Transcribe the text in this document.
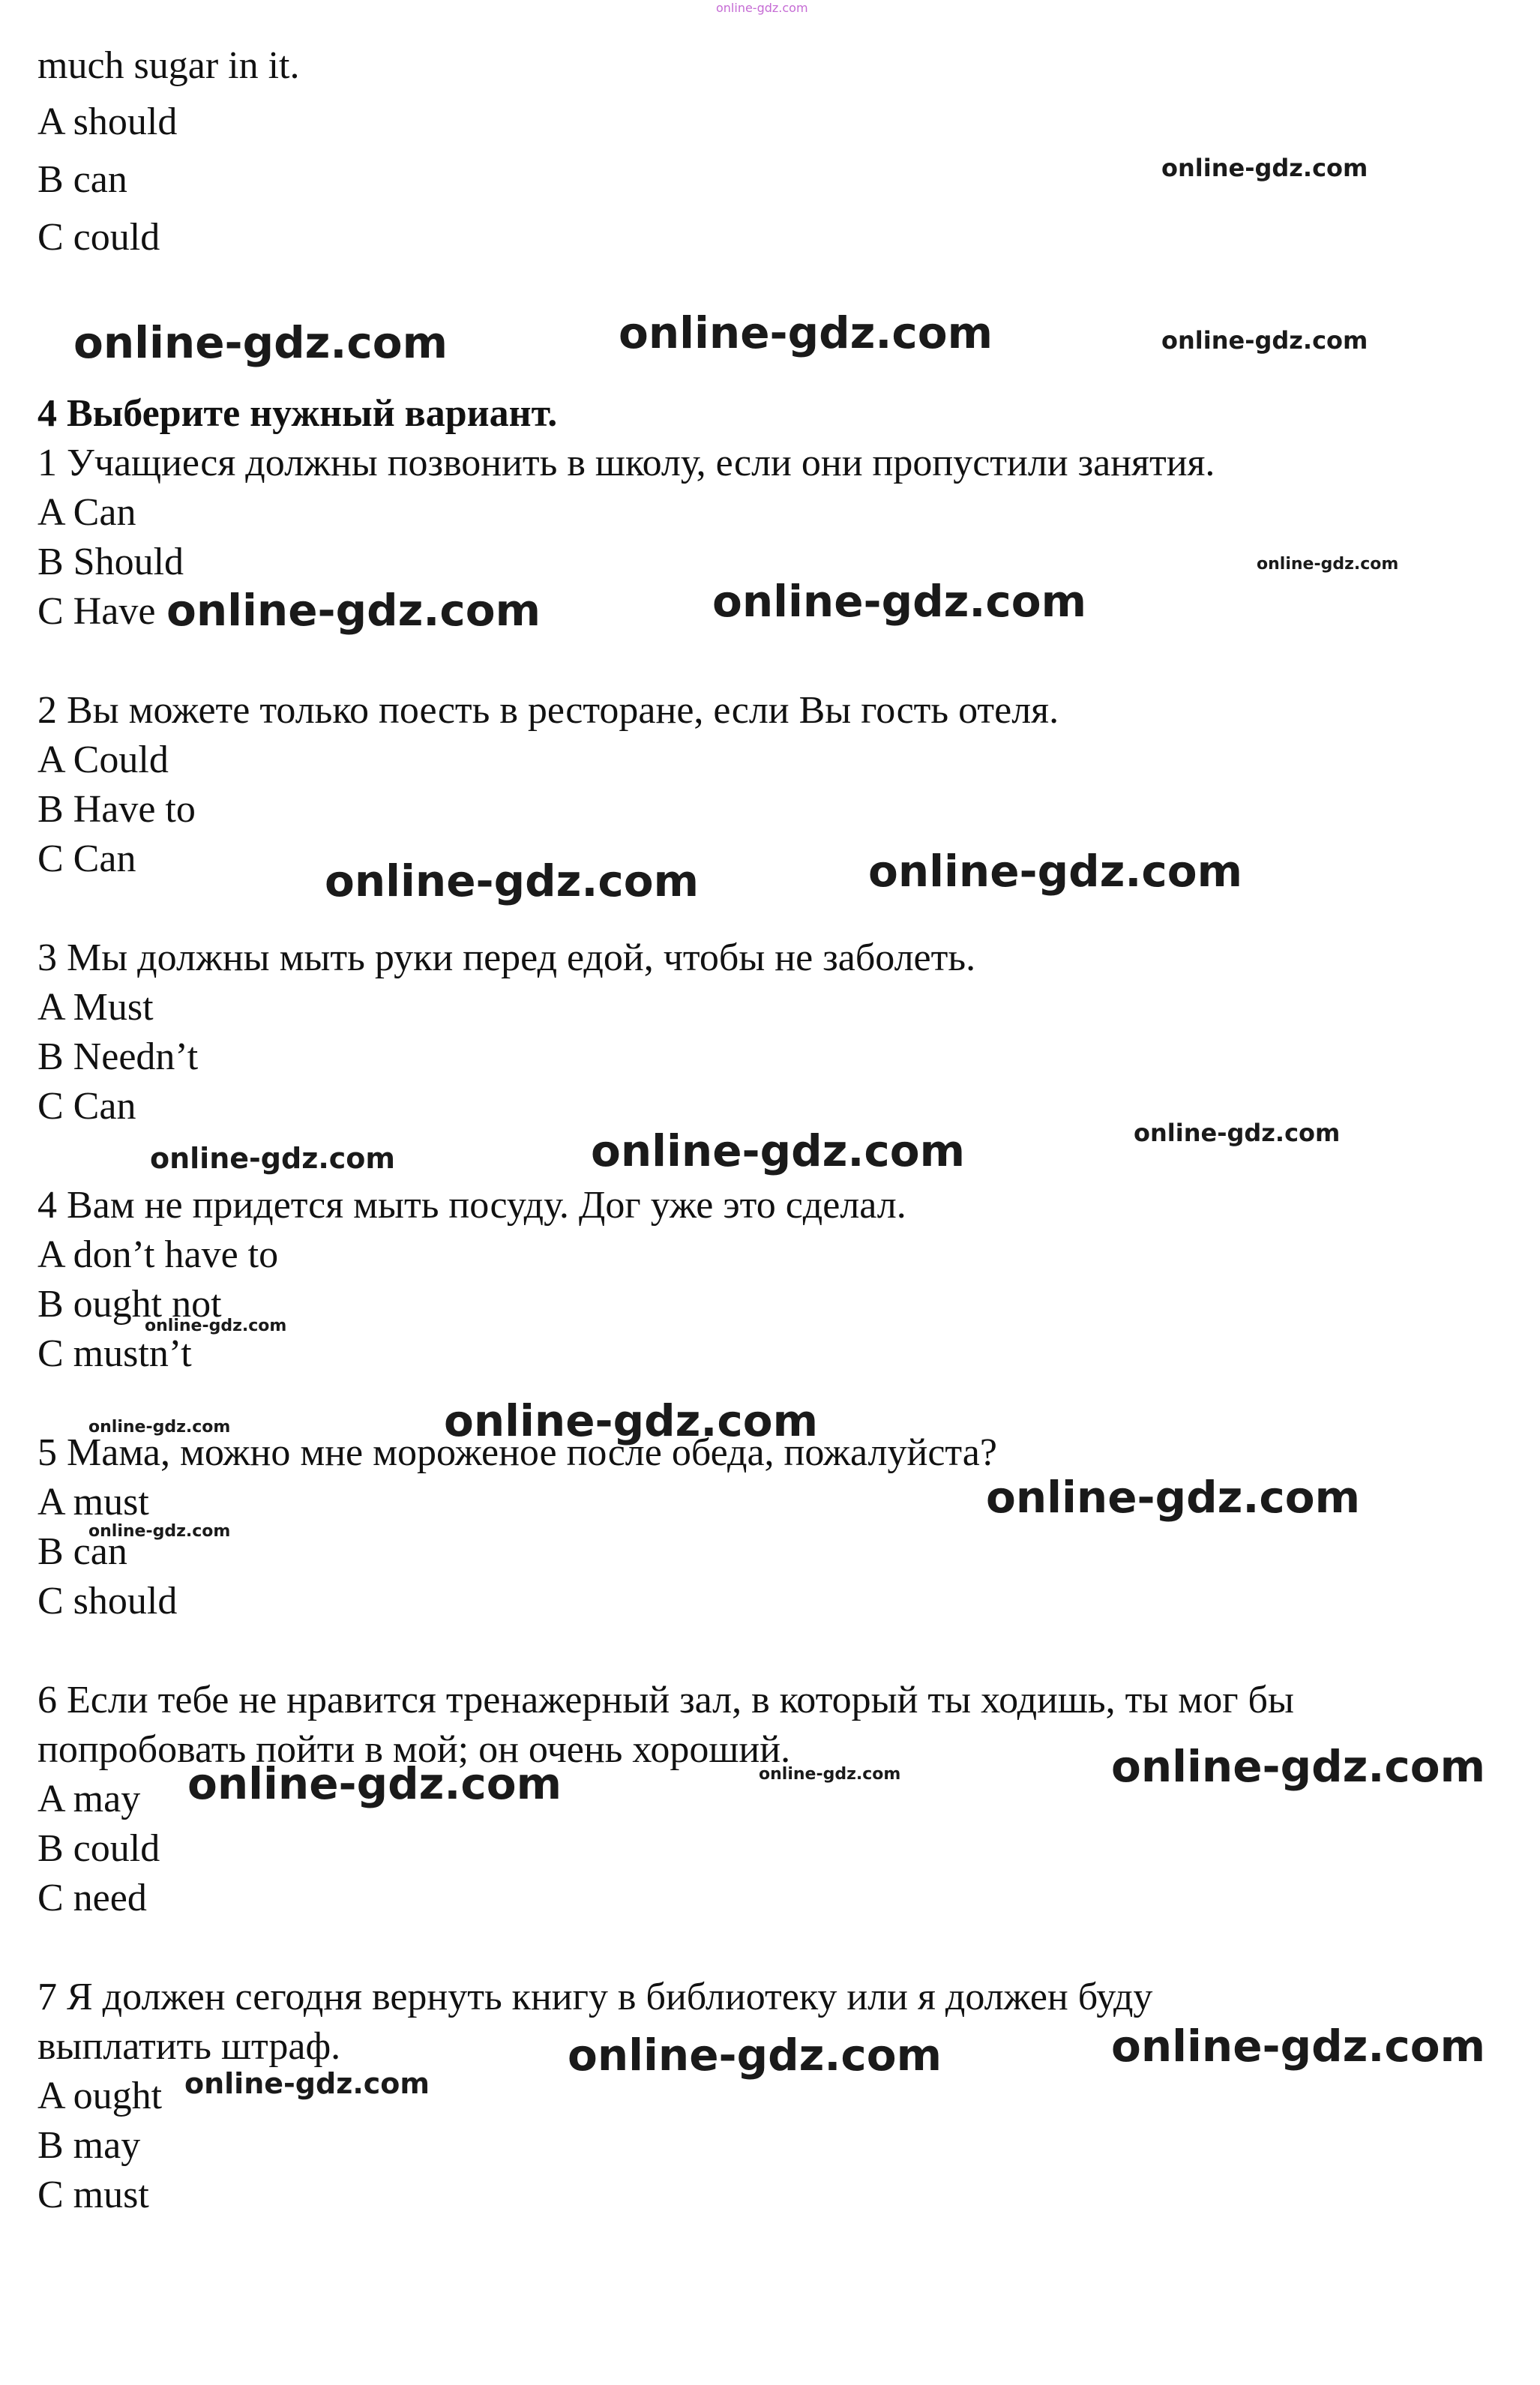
online-gdz.com
much sugar in it.
A should
B can
C could
4 Выберите нужный вариант.
1 Учащиеся должны позвонить в школу, если они пропустили занятия.
A Can
B Should
C Have
2 Вы можете только поесть в ресторане, если Вы гость отеля.
A Could
B Have to
C Can
3 Мы должны мыть руки перед едой, чтобы не заболеть.
A Must
B Needn’t
C Can
4 Вам не придется мыть посуду. Дог уже это сделал.
A don’t have to
B ought not
C mustn’t
5 Мама, можно мне мороженое после обеда, пожалуйста?
A must
B can
C should
6 Если тебе не нравится тренажерный зал, в который ты ходишь, ты мог бы
попробовать пойти в мой; он очень хороший.
A may
B could
C need
7 Я должен сегодня вернуть книгу в библиотеку или я должен буду
выплатить штраф.
A ought
B may
C must
online-gdz.com
online-gdz.com	online-gdz.com	online-gdz.com
online-gdz.com
online-gdz.com	online-gdz.com
online-gdz.com	online-gdz.com
online-gdz.com	online-gdz.com	online-gdz.com
online-gdz.com
online-gdz.com	online-gdz.com
online-gdz.com
online-gdz.com
online-gdz.com	online-gdz.com	online-gdz.com
online-gdz.com	online-gdz.com
online-gdz.com
